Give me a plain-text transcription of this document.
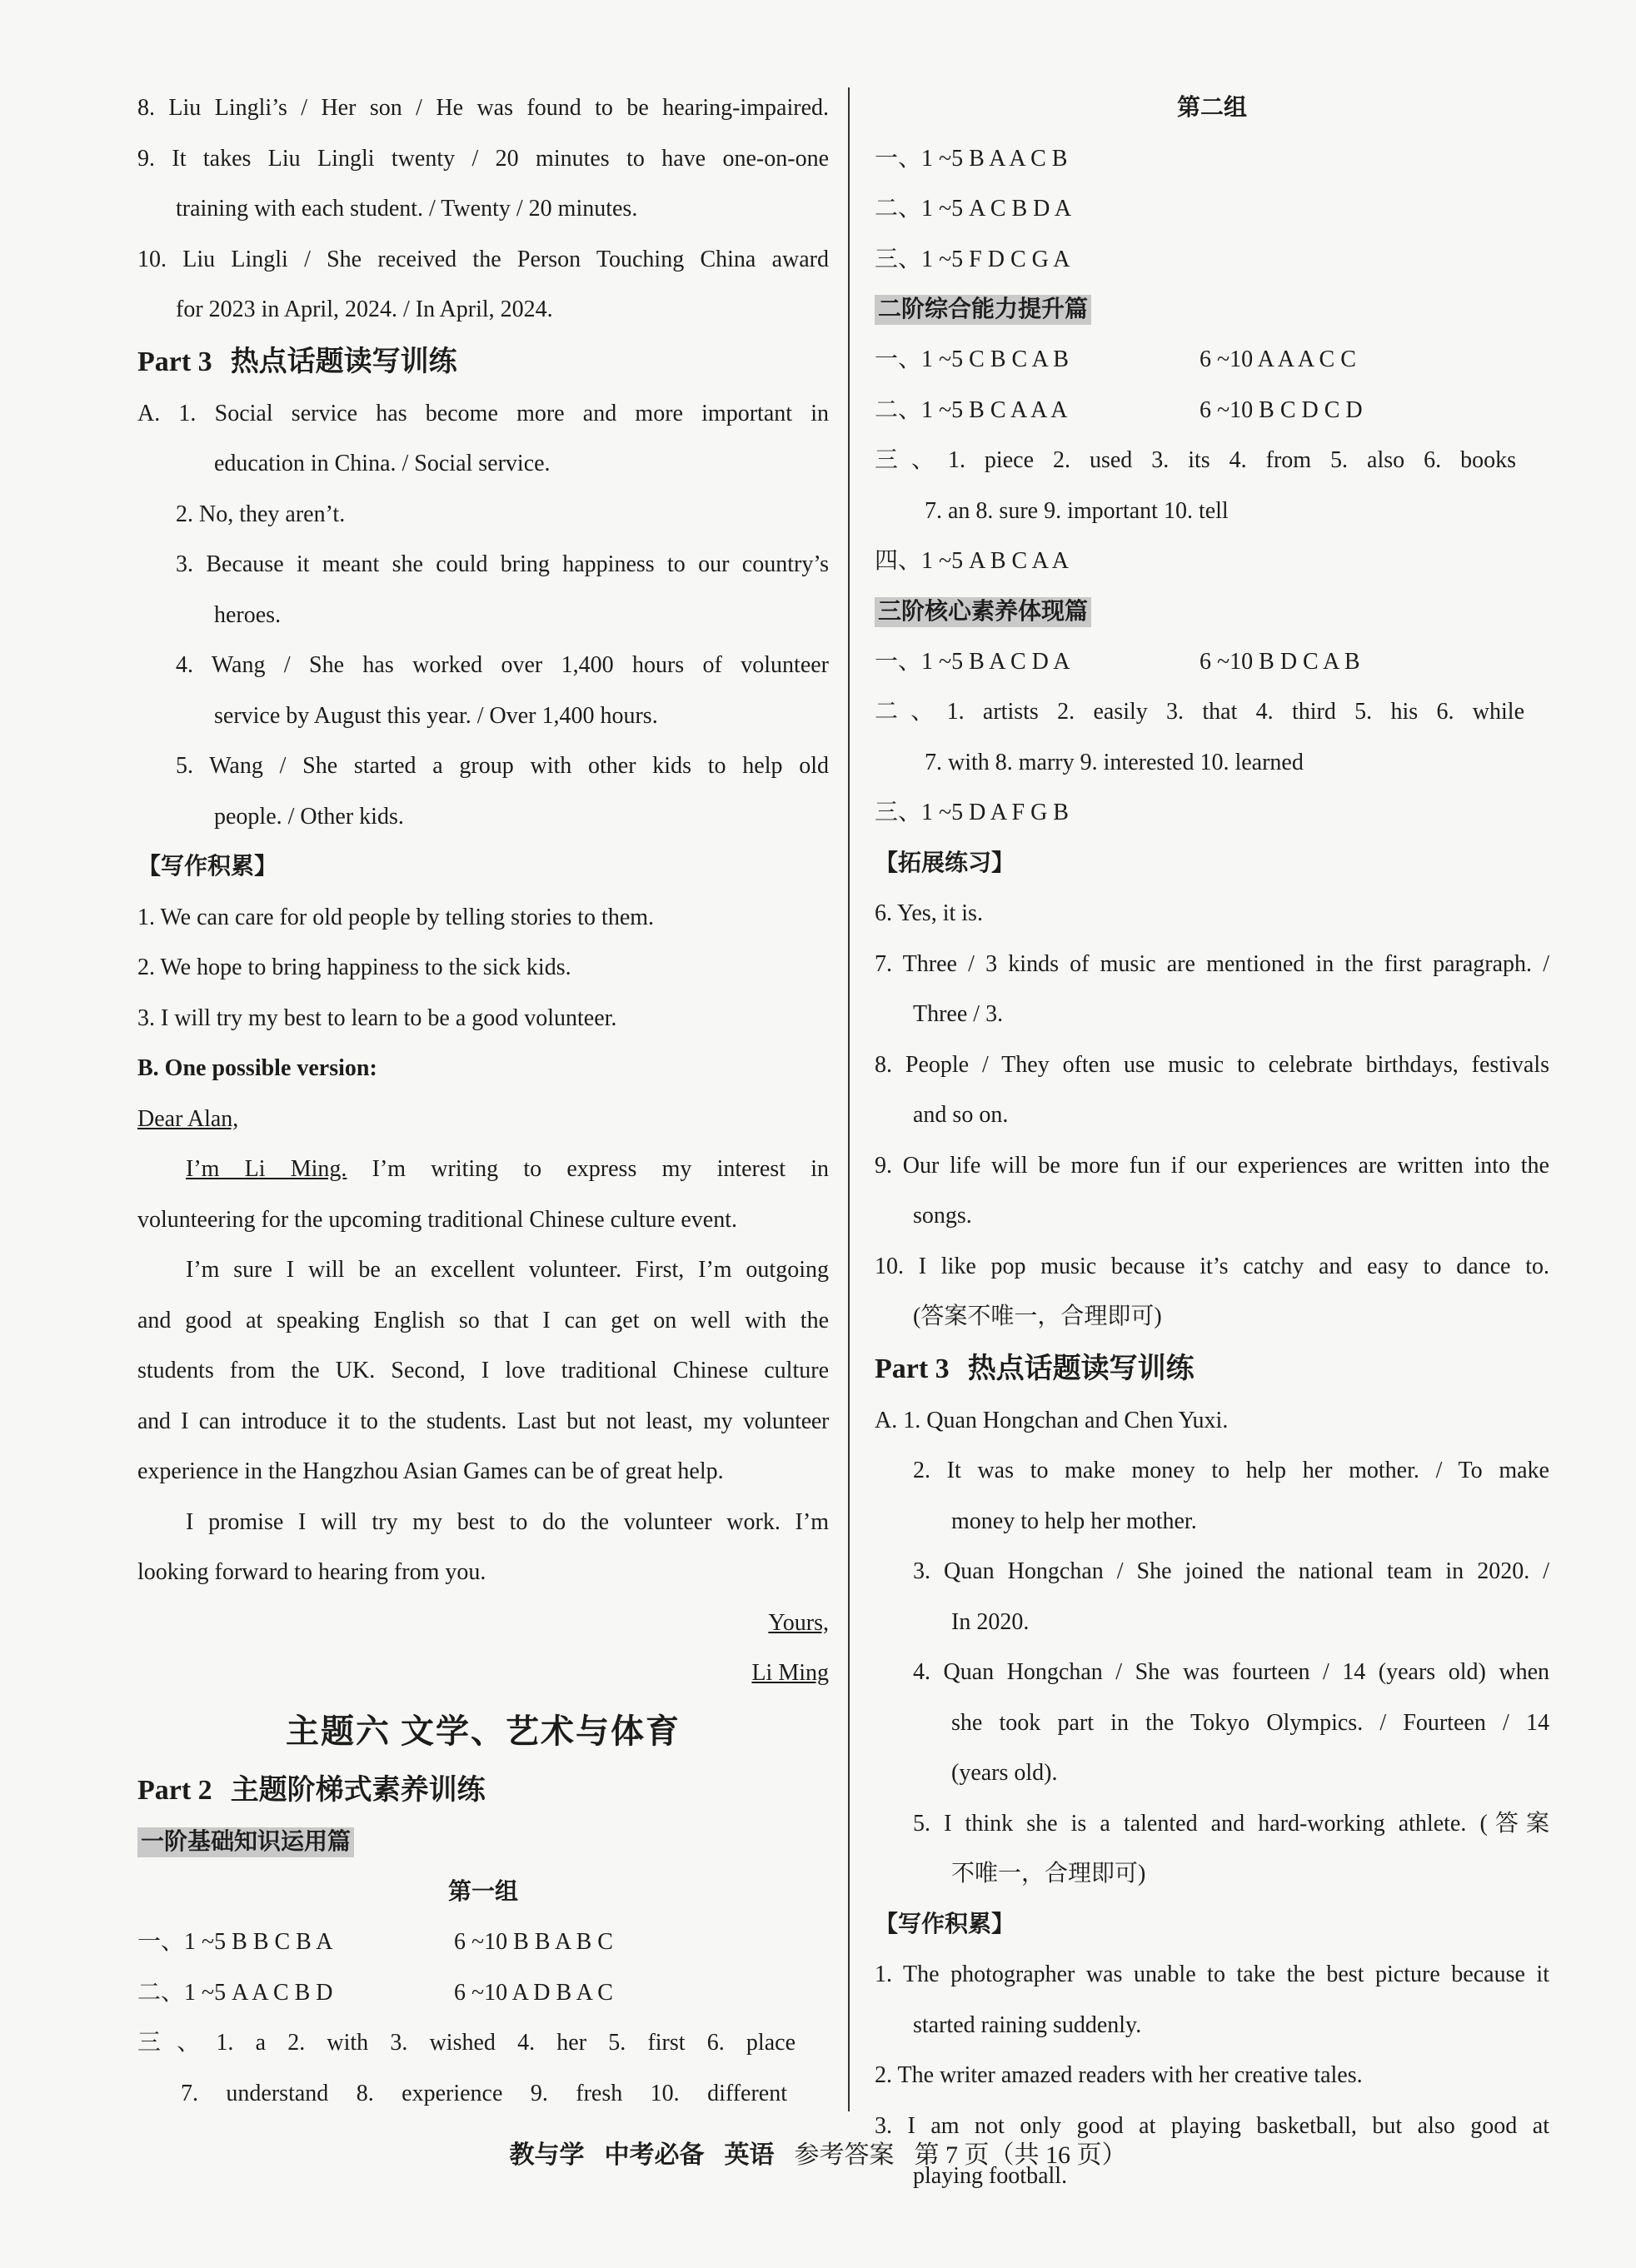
8. Liu Lingli’s / Her son / He was found to be hearing-impaired.
9. It takes Liu Lingli twenty / 20 minutes to have one-on-one
training with each student. / Twenty / 20 minutes.
10. Liu Lingli / She received the Person Touching China award
for 2023 in April, 2024. / In April, 2024.
Part 3 热点话题读写训练
A. 1. Social service has become more and more important in
education in China. / Social service.
2. No, they aren’t.
3. Because it meant she could bring happiness to our country’s
heroes.
4. Wang / She has worked over 1,400 hours of volunteer
service by August this year. / Over 1,400 hours.
5. Wang / She started a group with other kids to help old
people. / Other kids.
【写作积累】
1. We can care for old people by telling stories to them.
2. We hope to bring happiness to the sick kids.
3. I will try my best to learn to be a good volunteer.
B. One possible version:
Dear Alan,
I’m Li Ming. I’m writing to express my interest in
volunteering for the upcoming traditional Chinese culture event.
I’m sure I will be an excellent volunteer. First, I’m outgoing
and good at speaking English so that I can get on well with the
students from the UK. Second, I love traditional Chinese culture
and I can introduce it to the students. Last but not least, my volunteer
experience in the Hangzhou Asian Games can be of great help.
I promise I will try my best to do the volunteer work. I’m
looking forward to hearing from you.
Yours,
Li Ming
主题六 文学、艺术与体育
Part 2 主题阶梯式素养训练
一阶基础知识运用篇
第一组
一、1 ~5 B B C B A	6 ~10 B B A B C
二、1 ~5 A A C B D	6 ~10 A D B A C
三、1. a 2. with 3. wished 4. her 5. first 6. place
7. understand 8. experience 9. fresh 10. different
第二组
一、1 ~5 B A A C B
二、1 ~5 A C B D A
三、1 ~5 F D C G A
二阶综合能力提升篇
一、1 ~5 C B C A B	6 ~10 A A A C C
二、1 ~5 B C A A A	6 ~10 B C D C D
三、1. piece 2. used 3. its 4. from 5. also 6. books
7. an 8. sure 9. important 10. tell
四、1 ~5 A B C A A
三阶核心素养体现篇
一、1 ~5 B A C D A	6 ~10 B D C A B
二、1. artists 2. easily 3. that 4. third 5. his 6. while
7. with 8. marry 9. interested 10. learned
三、1 ~5 D A F G B
【拓展练习】
6. Yes, it is.
7. Three / 3 kinds of music are mentioned in the first paragraph. /
Three / 3.
8. People / They often use music to celebrate birthdays, festivals
and so on.
9. Our life will be more fun if our experiences are written into the
songs.
10. I like pop music because it’s catchy and easy to dance to.
(答案不唯一，合理即可)
Part 3 热点话题读写训练
A. 1. Quan Hongchan and Chen Yuxi.
2. It was to make money to help her mother. / To make
money to help her mother.
3. Quan Hongchan / She joined the national team in 2020. /
In 2020.
4. Quan Hongchan / She was fourteen / 14 (years old) when
she took part in the Tokyo Olympics. / Fourteen / 14
(years old).
5. I think she is a talented and hard-working athlete. (答案
不唯一，合理即可)
【写作积累】
1. The photographer was unable to take the best picture because it
started raining suddenly.
2. The writer amazed readers with her creative tales.
3. I am not only good at playing basketball, but also good at
playing football.
教与学 中考必备 英语 参考答案 第 7 页（共 16 页）
